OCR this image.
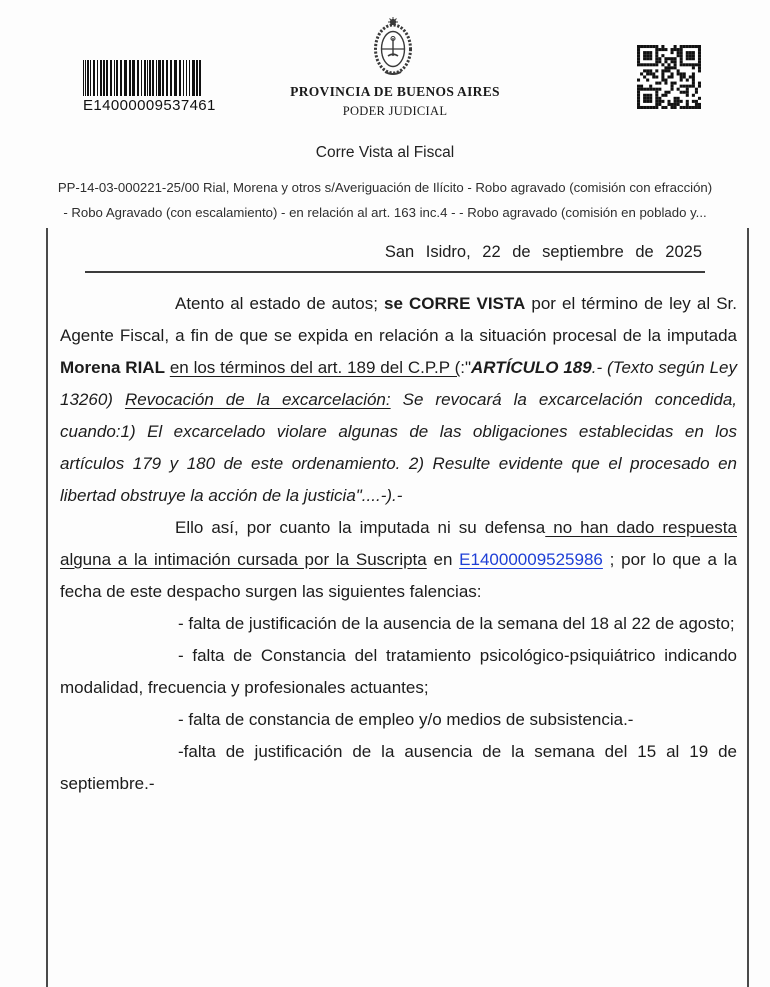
E14000009537461
PROVINCIA DE BUENOS AIRES
PODER JUDICIAL
Corre Vista al Fiscal
PP-14-03-000221-25/00 Rial, Morena y otros s/Averiguación de Ilícito - Robo agravado (comisión con efracción)
- Robo Agravado (con escalamiento) - en relación al art. 163 inc.4 - - Robo agravado (comisión en poblado y...
San Isidro, 22 de septiembre de 2025

Atento al estado de autos; se CORRE VISTA por el término de ley al Sr. Agente Fiscal, a fin de que se expida en relación a la situación procesal de la imputada Morena RIAL en los términos del art. 189 del C.P.P (:"ARTÍCULO 189.- (Texto según Ley 13260) Revocación de la excarcelación: Se revocará la excarcelación concedida, cuando:1) El excarcelado violare algunas de las obligaciones establecidas en los artículos 179 y 180 de este ordenamiento. 2) Resulte evidente que el procesado en libertad obstruye la acción de la justicia"....-).-

Ello así, por cuanto la imputada ni su defensa no han dado respuesta alguna a la intimación cursada por la Suscripta en E14000009525986 ; por lo que a la fecha de este despacho surgen las siguientes falencias:

- falta de justificación de la ausencia de la semana del 18 al 22 de agosto;

- falta de Constancia del tratamiento psicológico-psiquiátrico indicando modalidad, frecuencia y profesionales actuantes;

- falta de constancia de empleo y/o medios de subsistencia.-

-falta de justificación de la ausencia de la semana del 15 al 19 de septiembre.-
